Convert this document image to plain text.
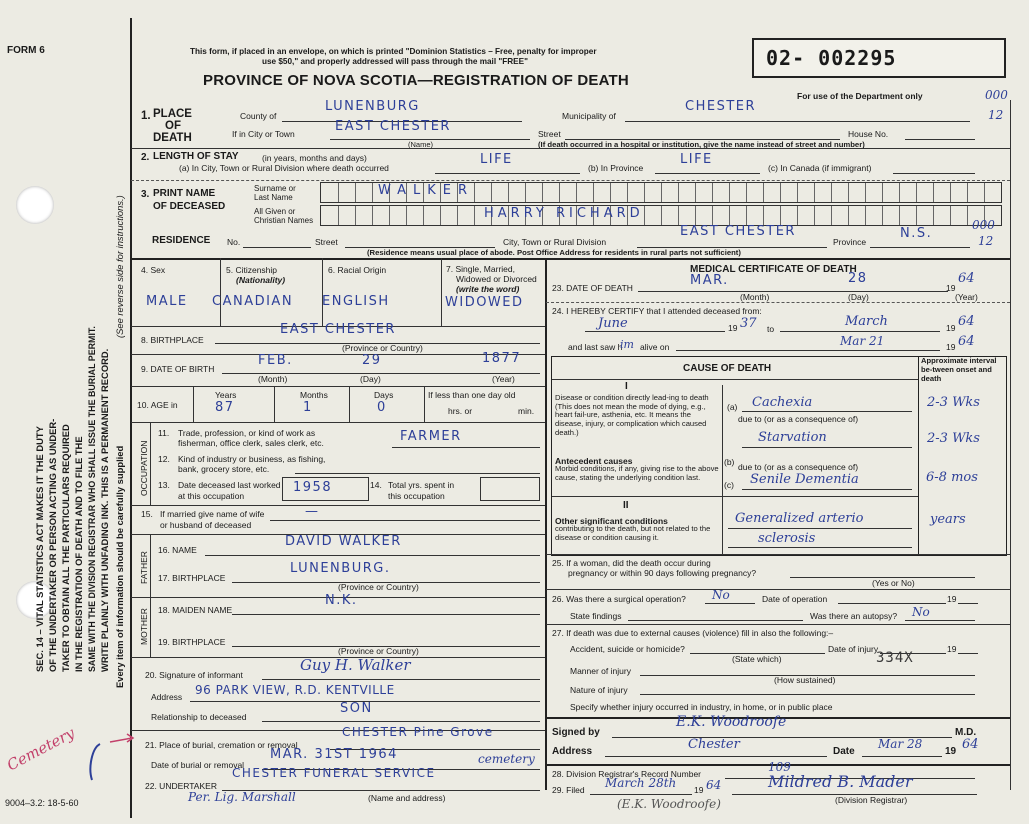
FORM 6
SEC. 14 – VITAL STATISTICS ACT MAKES IT THE DUTY OF THE UNDERTAKER OR PERSON ACTING AS UNDER- TAKER TO OBTAIN ALL THE PARTICULARS REQUIRED IN THE REGISTRATION OF DEATH AND TO FILE THE SAME WITH THE DIVISION REGISTRAR WHO SHALL ISSUE THE BURIAL PERMIT. WRITE PLAINLY WITH UNFADING INK. THIS IS A PERMANENT RECORD. Every item of information should be carefully supplied
(See reverse side for instructions.)
This form, if placed in an envelope, on which is printed "Dominion Statistics – Free, penalty for improper
use $50," and properly addressed will pass through the mail "FREE"
PROVINCE OF NOVA SCOTIA—REGISTRATION OF DEATH
02- 002295
For use of the Department only	000
12
1. PLACE
OF
DEATH
County of
LUNENBURG
Municipality of
CHESTER
If in City or Town	EAST CHESTER
(Name)
Street	House No.
(If death occurred in a hospital or institution, give the name instead of street and number)
2. LENGTH OF STAY	(in years, months and days)
(a) In City, Town or Rural Division where death occurred
LIFE
(b) In Province
LIFE
(c) In Canada (if immigrant)
3. PRINT NAME
OF DECEASED
Surname or
Last Name
All Given or
Christian Names
WALKER
HARRY RICHARD
RESIDENCE No.	Street	City, Town or Rural Division
EAST CHESTER
Province
N.S.
000
12
(Residence means usual place of abode. Post Office Address for residents in rural parts not sufficient)
4. Sex
MALE
5. Citizenship
(Nationality)
CANADIAN
6. Racial Origin
ENGLISH
7. Single, Married,
Widowed or Divorced
(write the word)
WIDOWED
8. BIRTHPLACE
EAST CHESTER
(Province or Country)
9. DATE OF BIRTH
FEB.	29	1877
(Month)	(Day)	(Year)
10. AGE in
Years	Months	Days
87	1	0
If less than one day old
hrs. or	min.
OCCUPATION
11. Trade, profession, or kind of work as
fisherman, office clerk, sales clerk, etc.	FARMER
12. Kind of industry or business, as fishing,
bank, grocery store, etc.
13. Date deceased last worked
at this occupation
1958	14. Total yrs. spent in
this occupation
15. If married give name of wife
or husband of deceased
—
FATHER
16. NAME
DAVID WALKER
17. BIRTHPLACE
LUNENBURG.
(Province or Country)
MOTHER 18. MAIDEN NAME
N.K.
19. BIRTHPLACE
(Province or Country)
20. Signature of informant
Guy H. Walker
Address 96 PARK VIEW, R.D. KENTVILLE
Relationship to deceased
SON
21. Place of burial, cremation or removal
CHESTER Pine Grove
Date of burial or removal
MAR. 31ST 1964	cemetery
22. UNDERTAKER
CHESTER FUNERAL SERVICE
Per. Lig. Marshall	(Name and address)
Cemetery
9004–3.2: 18-5-60
MEDICAL CERTIFICATE OF DEATH
23. DATE OF DEATH	MAR.	28
19
64
(Month)	(Day)	(Year)
24. I HEREBY CERTIFY that I attended deceased from:
June	19 37 to	March	19 64
and last saw h
im alive on	Mar 21	19 64
CAUSE OF DEATH
Approximate interval be-tween onset and death
I
Disease or condition directly lead-ing to death (This does not mean the mode of dying, e.g., heart fail-ure, asthenia, etc. It means the disease, injury, or complication which caused death.)
(a) Cachexia	2-3 Wks
due to (or as a consequence of)
Starvation	2-3 Wks
Antecedent causes
Morbid conditions, if any, giving rise to the above cause, stating the underlying condition last.
(b) due to (or as a consequence of)
(c) Senile Dementia	6-8 mos
II
Other significant conditions
contributing to the death, but not related to the disease or condition causing it.
Generalized arterio
sclerosis
years
25. If a woman, did the death occur during
pregnancy or within 90 days following pregnancy?
(Yes or No)
26. Was there a surgical operation? No	Date of operation	19
State findings	Was there an autopsy? No
27. If death was due to external causes (violence) fill in also the following:–
Accident, suicide or homicide?
(State which)
Date of injury	19
334X
Manner of injury
(How sustained)
Nature of injury
Specify whether injury occurred in industry, in home, or in public place
Signed by
E.K. Woodroofe
M.D.
Address	Chester	Date
Mar 28
19 64
28. Division Registrar's Record Number	109
29. Filed March 28th 19 64	Mildred B. Mader
(Division Registrar)
(E.K. Woodroofe)
